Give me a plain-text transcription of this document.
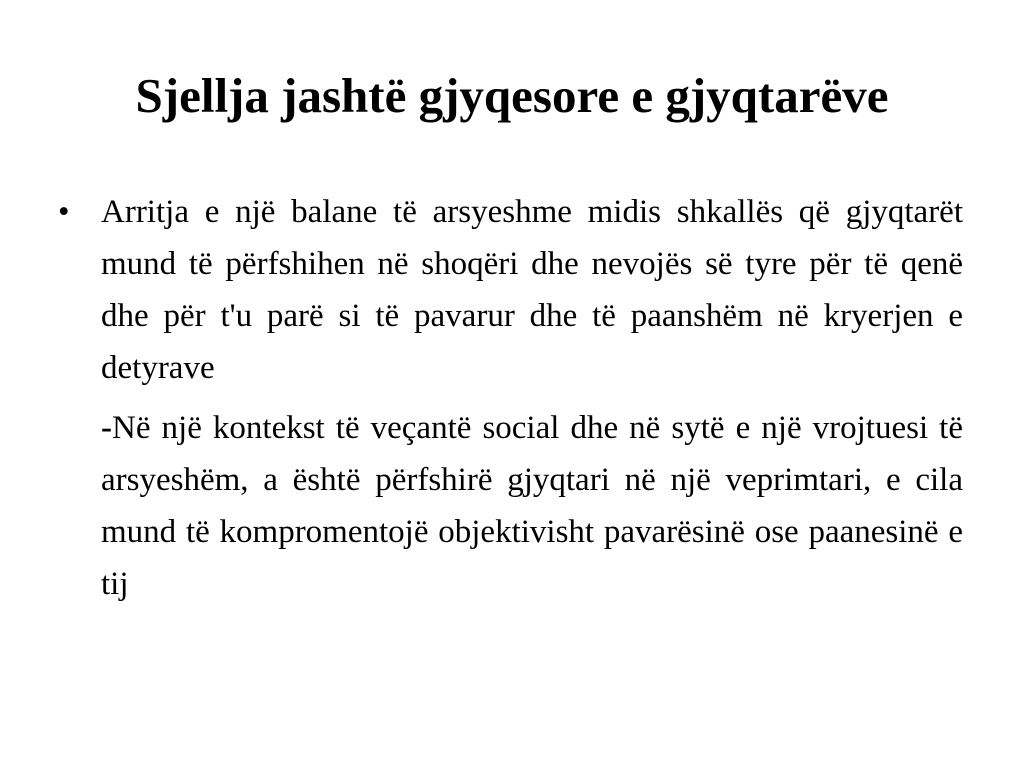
Sjellja jashtë gjyqesore e gjyqtarëve
• Arritja e një balane të arsyeshme midis shkallës që gjyqtarët mund të përfshihen në shoqëri dhe nevojës së tyre për të qenë dhe për t'u parë si të pavarur dhe të paanshëm në kryerjen e detyrave

-Në një kontekst të veçantë social dhe në sytë e një vrojtuesi të arsyeshëm, a është përfshirë gjyqtari në një veprimtari, e cila mund të kompromentojë objektivisht pavarësinë ose paanesinë e tij
